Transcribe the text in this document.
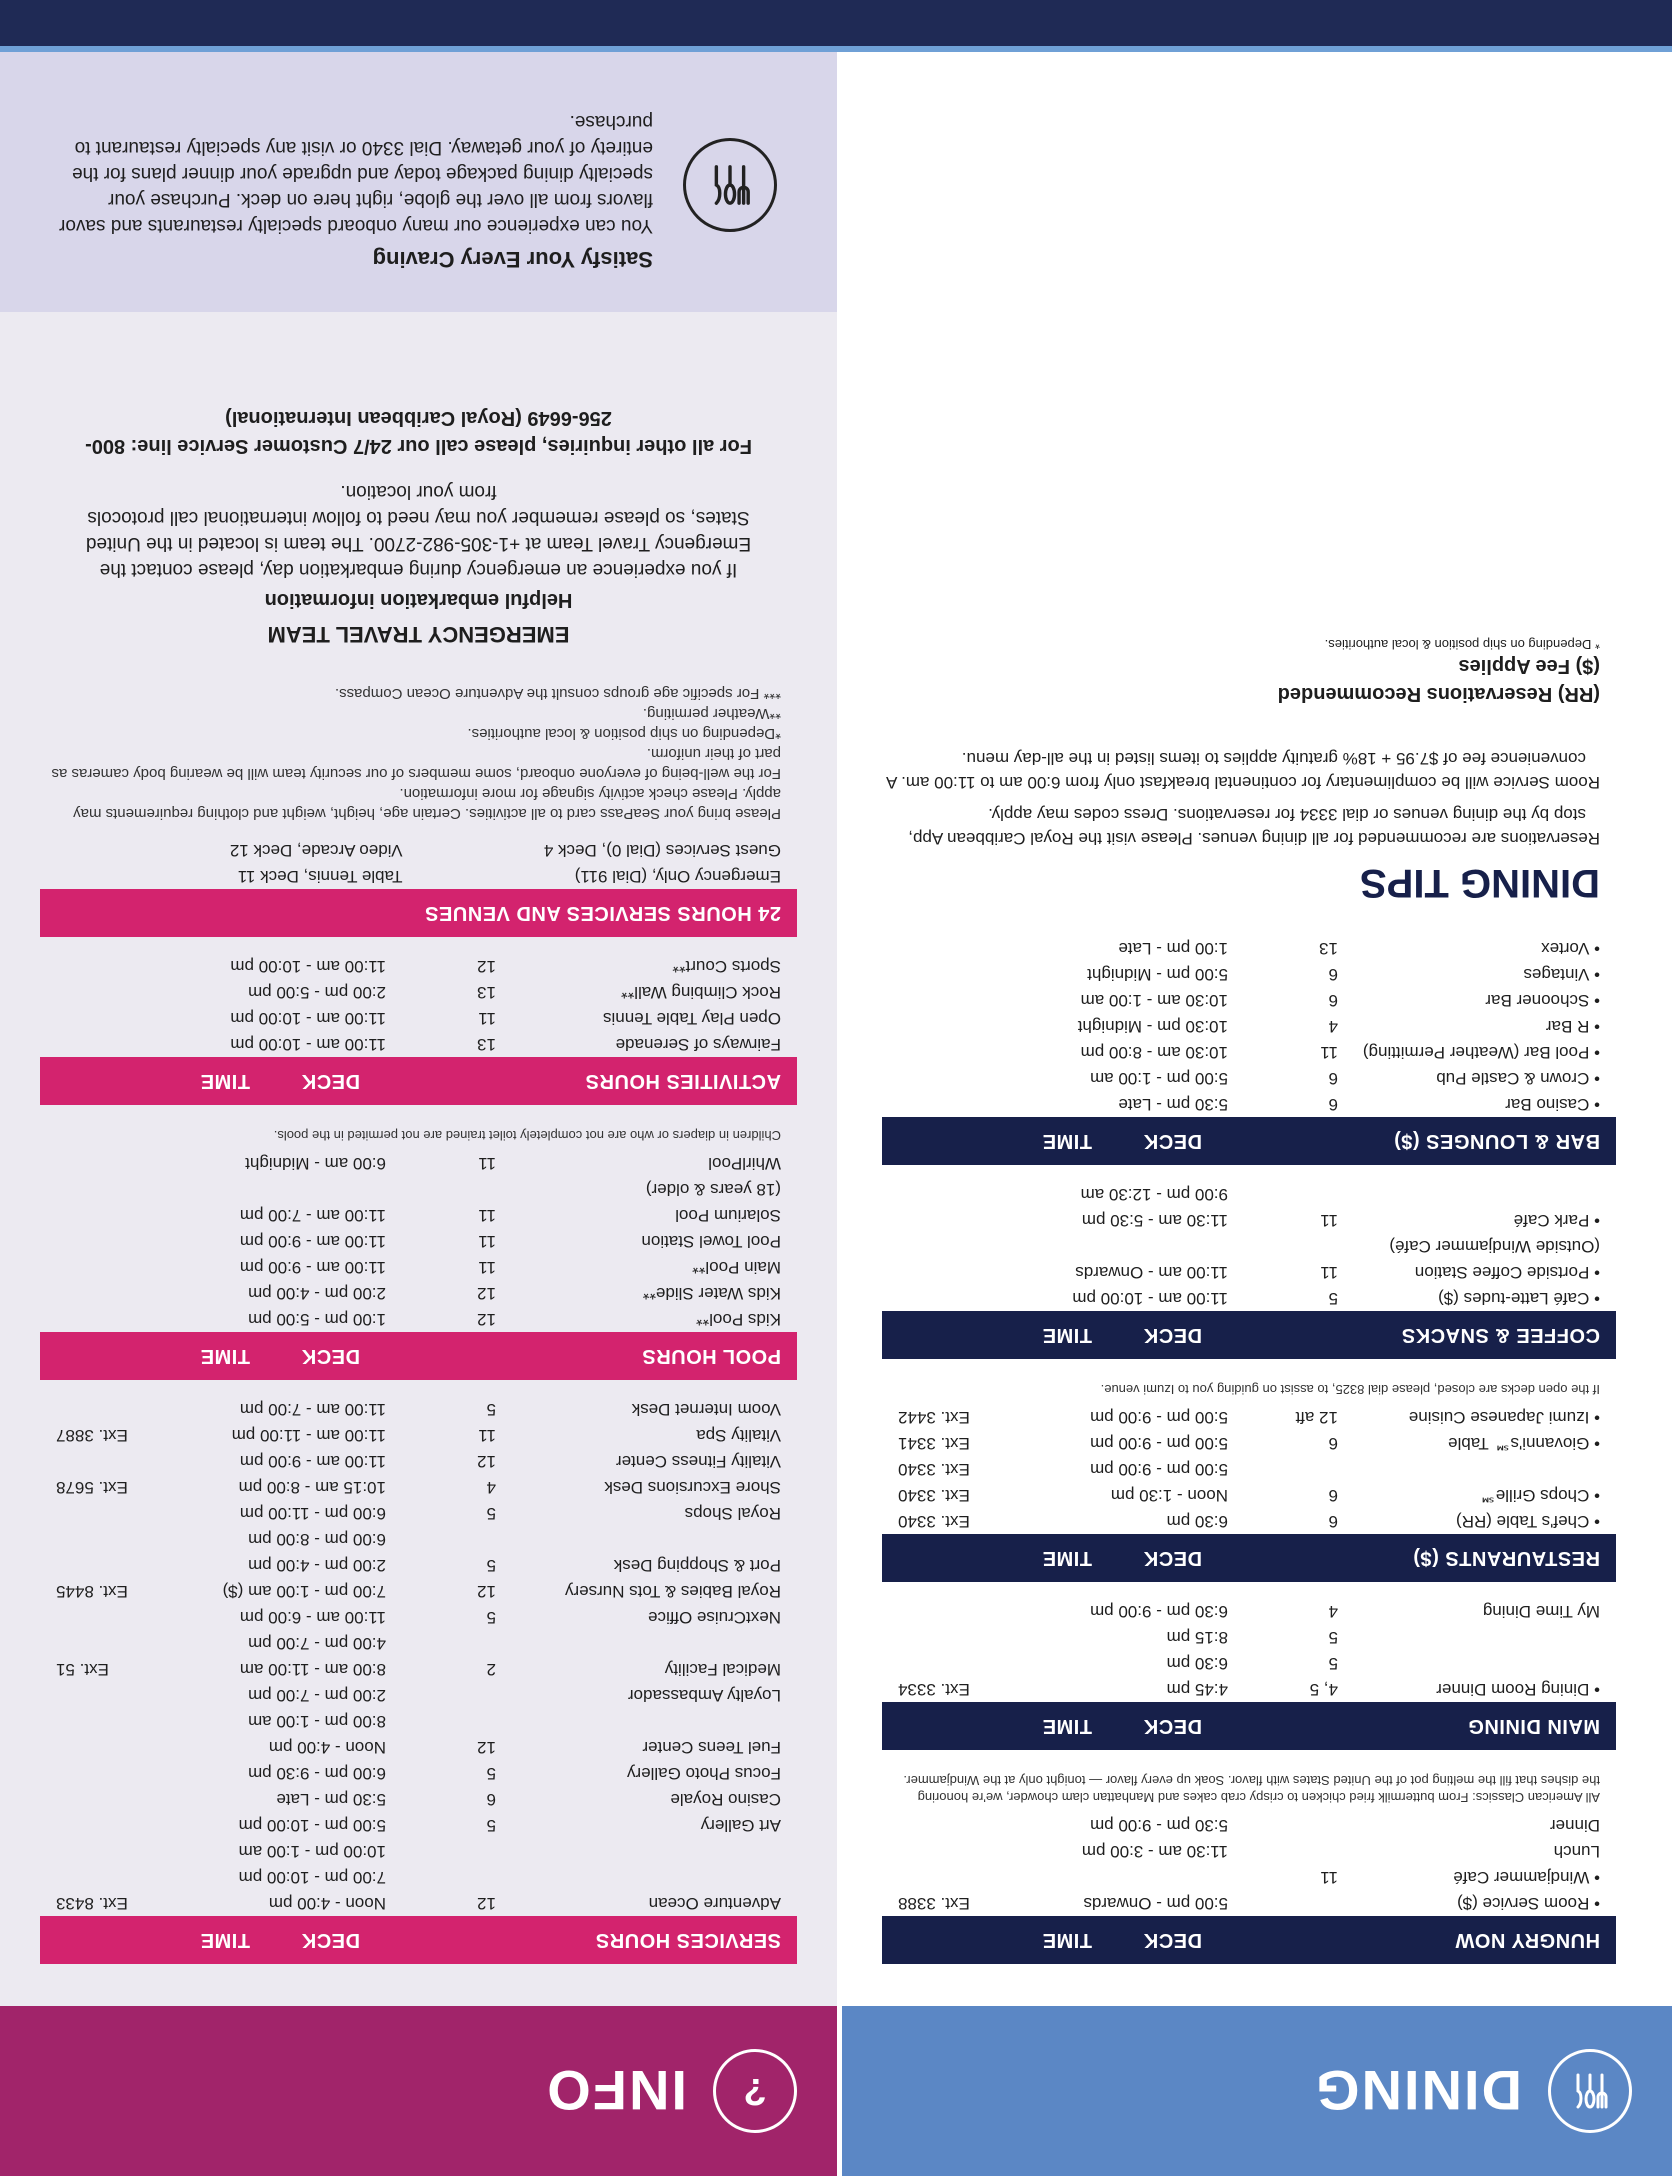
DINING
HUNGRY NOW
DECK
TIME
• Room Service ($)
5:00 pm - Onwards
Ext. 3388
• Windjammer Café
11
Lunch
11:30 am - 3:00 pm
Dinner
5:30 pm - 9:00 pm
All American Classics: From buttermilk fried chicken to crispy crab cakes and Manhattan clam chowder, we're honoring the dishes that fill the melting pot of the United States with flavor. Soak up every flavor — tonight only at the Windjammer.
MAIN DINING
DECK
TIME
• Dining Room Dinner
4, 5
4:45 pm
Ext. 3334
5
6:30 pm
5
8:15 pm
My Time Dining
4
6:30 pm - 9:00 pm
RESTAURANTS ($)
DECK
TIME
• Chef's Table (RR)
6
6:30 pm
Ext. 3340
• Chops Grille℠
6
Noon - 1:30 pm
Ext. 3340
5:00 pm - 9:00 pm
Ext. 3340
• Giovanni's℠ Table
6
5:00 pm - 9:00 pm
Ext. 3341
• Izumi Japanese Cuisine
12 aft
5:00 pm - 9:00 pm
Ext. 3442
If the open decks are closed, please dial 8325, to assist on guiding you to Izumi venue.
COFFEE & SNACKS
DECK
TIME
• Café Latte-tudes ($)
5
11:00 am - 10:00 pm
• Portside Coffee Station
11
11:00 am - Onwards
(Outside Windjammer Café)
• Park Café
11
11:30 am - 5:30 pm
9:00 pm - 12:30 am
BAR & LOUNGES ($)
DECK
TIME
• Casino Bar
6
5:30 pm - Late
• Crown & Castle Pub
6
5:00 pm - 1:00 am
• Pool Bar (Weather Permitting)
11
10:30 am - 8:00 pm
• R Bar
4
10:30 pm - Midnight
• Schooner Bar
6
10:30 am - 1:00 am
• Vintages
6
5:00 pm - Midnight
• Vortex
13
1:00 pm - Late
DINING TIPS
Reservations are recommended for all dining venues. Please visit the Royal Caribbean App, stop by the dining venues or dial 3334 for reservations. Dress codes may apply.
Room Service will be complimentary for continental breakfast only from 6:00 am to 11:00 am. A convenience fee of $7.95 + 18% gratuity applies to items listed in the all-day menu.
(RR) Reservations Recommended
($) Fee Applies
* Depending on ship position & local authorities.
?
INFO
SERVICES HOURS
DECK
TIME
Adventure Ocean
12
Noon - 4:00 pm
Ext. 8433
7:00 pm - 10:00 pm
10:00 pm - 1:00 am
Art Gallery
5
5:00 pm - 10:00 pm
Casino Royale
6
5:30 pm - Late
Focus Photo Gallery
5
6:00 pm - 9:30 pm
Fuel Teens Center
12
Noon - 4:00 pm
8:00 pm - 1:00 am
Loyalty Ambassador
2:00 pm - 7:00 pm
Medical Facility
2
8:00 am - 11:00 am
Ext. 51
4:00 pm - 7:00 pm
NextCruise Office
5
11:00 am - 6:00 pm
Royal Babies & Tots Nursery
12
7:00 pm - 1:00 am ($)
Ext. 8445
Port & Shopping Desk
5
2:00 pm - 4:00 pm
6:00 pm - 8:00 pm
Royal Shops
5
6:00 pm - 11:00 pm
Shore Excursions Desk
4
10:15 am - 8:00 pm
Ext. 5678
Vitality Fitness Center
12
11:00 am - 9:00 pm
Vitality Spa
11
11:00 am - 11:00 pm
Ext. 3887
Voom Internet Desk
5
11:00 am - 7:00 pm
POOL HOURS
DECK
TIME
Kids Pool**
12
1:00 pm - 5:00 pm
Kids Water Slide**
12
2:00 pm - 4:00 pm
Main Pool**
11
11:00 am - 9:00 pm
Pool Towel Station
11
11:00 am - 9:00 pm
Solarium Pool
11
11:00 am - 7:00 pm
(18 years & older)
WhirlPool
11
6:00 am - Midnight
Children in diapers or who are not completely toilet trained are not permited in the pools.
ACTIVITIES HOURS
DECK
TIME
Fairways of Serenade
13
11:00 am - 10:00 pm
Open Play Table Tennis
11
11:00 am - 10:00 pm
Rock Climbing Wall**
13
2:00 pm - 5:00 pm
Sports Court**
12
11:00 am - 10:00 pm
24 HOURS SERVICES AND VENUES
Emergency Only, (Dial 911)
Table Tennis, Deck 11
Guest Services (Dial 0), Deck 4
Video Arcade, Deck 12
Please bring your SeaPass card to all activities. Certain age, height, weight and clothing requirements may apply. Please check activity signage for more information.
For the well-being of everyone onboard, some members of our security team will be wearing body cameras as part of their uniform.
*Depending on ship position & local authorities.
**Weather permiting.
*** For specific age groups consult the Adventure Ocean Compass.
EMERGENCY TRAVEL TEAM
Helpful embarkation information
If you experience an emergency during embarkation day, please contact the Emergency Travel Team at +1-305-982-2700. The team is located in the United States, so please remember you may need to follow international call protocols from your location.
For all other inquiries, please call our 24/7 Customer Service line: 800-256-6649 (Royal Caribbean International)
Satisfy Your Every Craving
You can experience our many onboard specialty restaurants and savor flavors from all over the globe, right here on deck. Purchase your specialty dining package today and upgrade your dinner plans for the entirety of your getaway. Dial 3340 or visit any specialty restaurant to purchase.
